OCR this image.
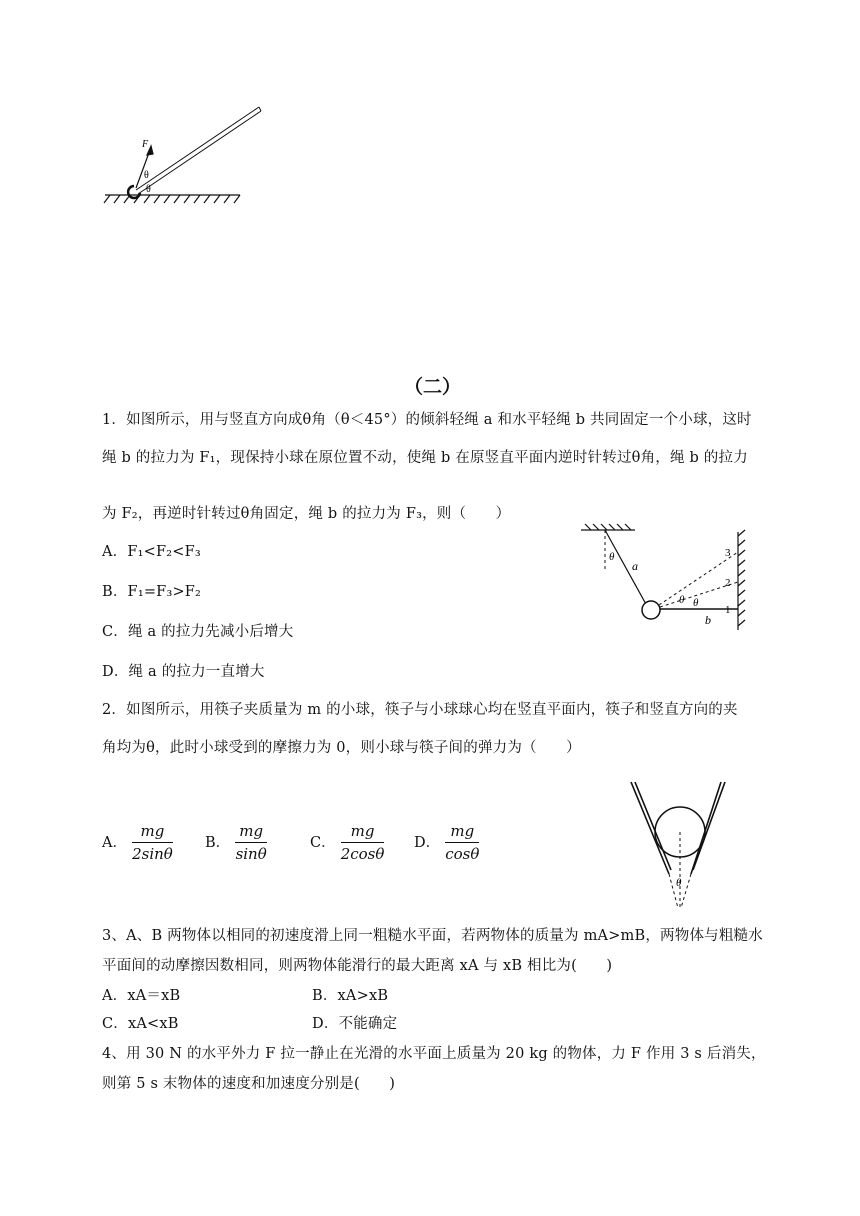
F
θ
θ
（二）
1．如图所示，用与竖直方向成θ角（θ＜45°）的倾斜轻绳 a 和水平轻绳 b 共同固定一个小球，这时
绳 b 的拉力为 F₁，现保持小球在原位置不动，使绳 b 在原竖直平面内逆时针转过θ角，绳 b 的拉力
为 F₂，再逆时针转过θ角固定，绳 b 的拉力为 F₃，则（　　）
A．F₁<F₂<F₃
B．F₁=F₃>F₂
C．绳 a 的拉力先减小后增大
D．绳 a 的拉力一直增大
θ
a
b
θ θ
1
2
3
2．如图所示，用筷子夹质量为 m 的小球，筷子与小球球心均在竖直平面内，筷子和竖直方向的夹
角均为θ，此时小球受到的摩擦力为 0，则小球与筷子间的弹力为（　　）
A． $\frac{mg}{2\sin\theta}$ B． $\frac{mg}{\sin\theta}$	C． $\frac{mg}{2\cos\theta}$ D． $\frac{mg}{\cos\theta}$
θ
3、A、B 两物体以相同的初速度滑上同一粗糙水平面，若两物体的质量为 mA>mB，两物体与粗糙水
平面间的动摩擦因数相同，则两物体能滑行的最大距离 xA 与 xB 相比为(　　)
A．xA＝xB	B．xA>xB
C．xA<xB	D．不能确定
4、用 30 N 的水平外力 F 拉一静止在光滑的水平面上质量为 20 kg 的物体，力 F 作用 3 s 后消失，
则第 5 s 末物体的速度和加速度分别是(　　)
